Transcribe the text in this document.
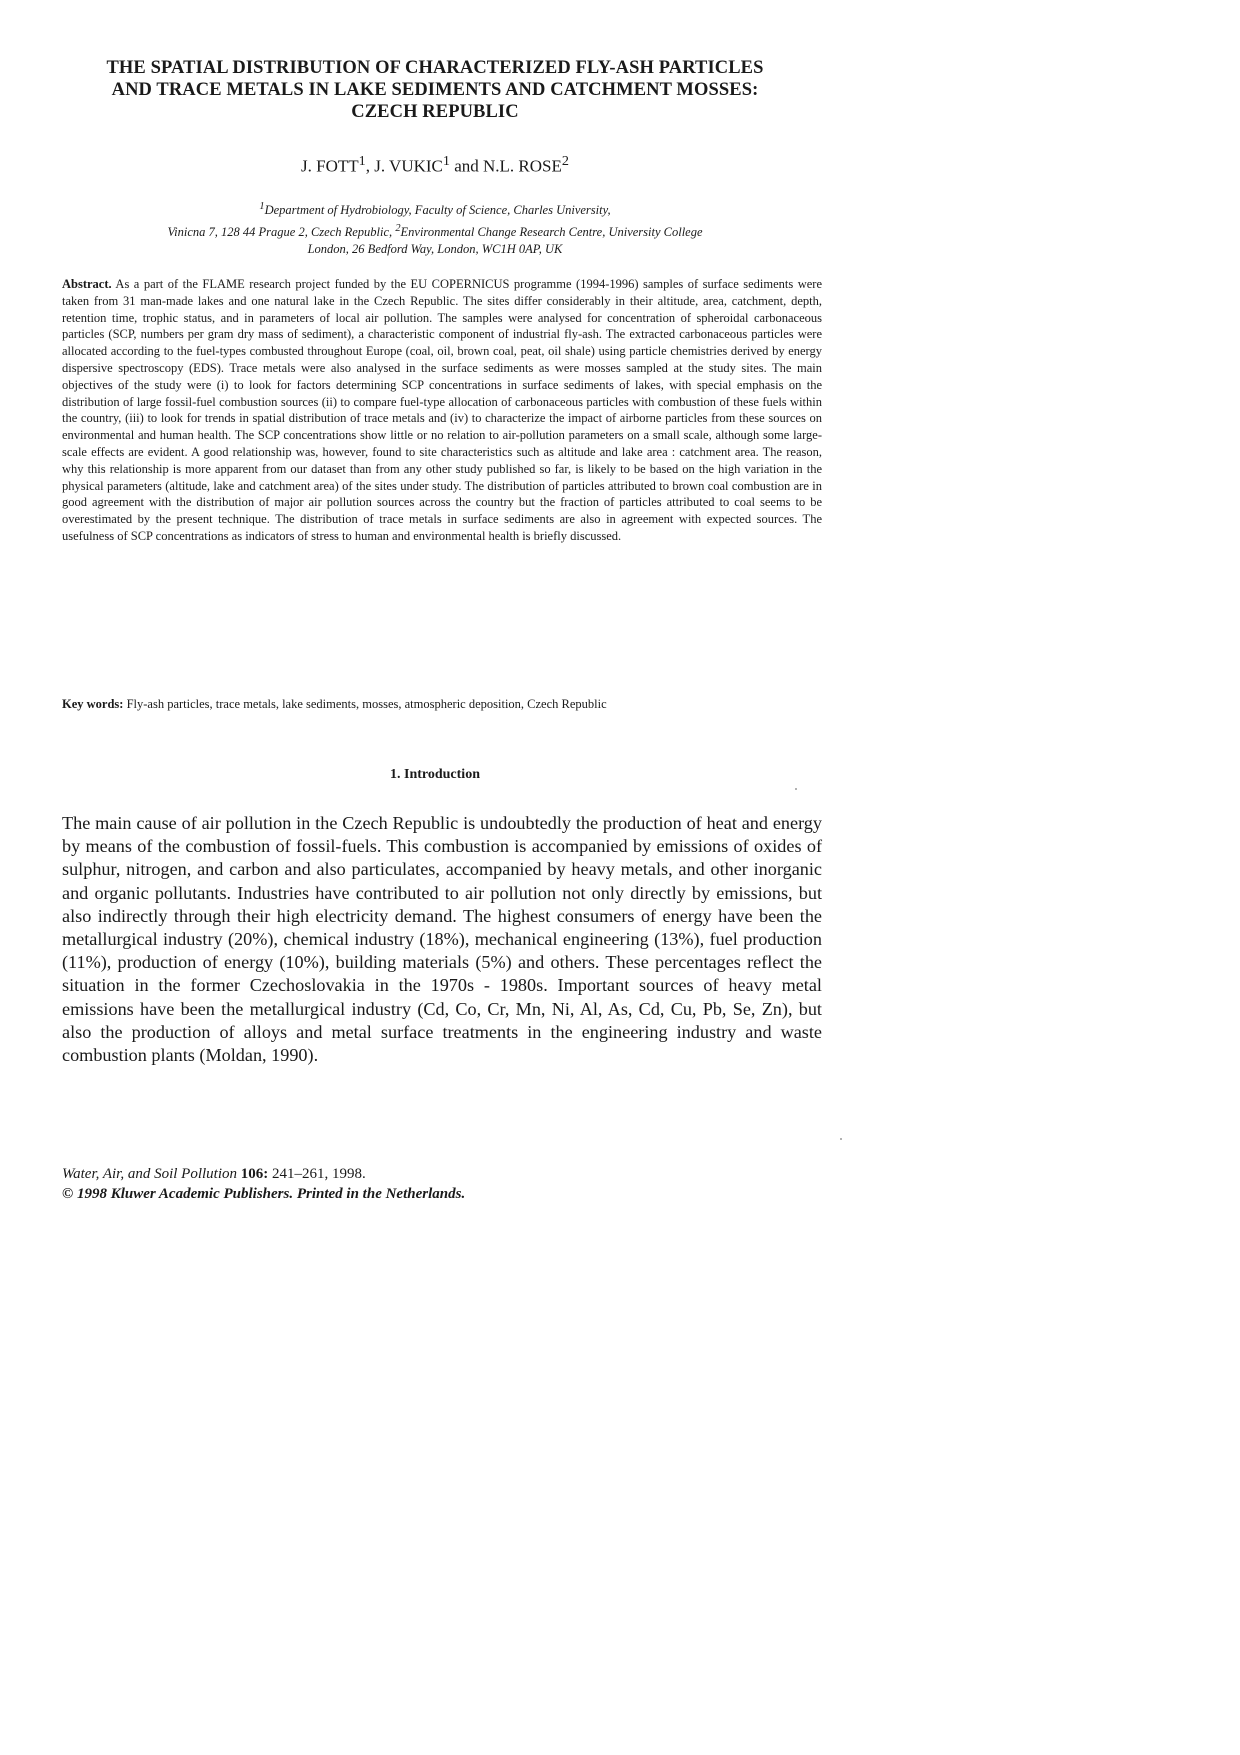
THE SPATIAL DISTRIBUTION OF CHARACTERIZED FLY-ASH PARTICLES
AND TRACE METALS IN LAKE SEDIMENTS AND CATCHMENT MOSSES:
CZECH REPUBLIC

J. FOTT$^1$, J. VUKIC$^1$ and N.L. ROSE$^2$

$^1$Department of Hydrobiology, Faculty of Science, Charles University,
Vinicna 7, 128 44 Prague 2, Czech Republic, $^2$Environmental Change Research Centre, University College
London, 26 Bedford Way, London, WC1H 0AP, UK

Abstract. As a part of the FLAME research project funded by the EU COPERNICUS programme (1994-1996) samples of surface sediments were taken from 31 man-made lakes and one natural lake in the Czech Republic. The sites differ considerably in their altitude, area, catchment, depth, retention time, trophic status, and in parameters of local air pollution. The samples were analysed for concentration of spheroidal carbonaceous particles (SCP, numbers per gram dry mass of sediment), a characteristic component of industrial fly-ash. The extracted carbonaceous particles were allocated according to the fuel-types combusted throughout Europe (coal, oil, brown coal, peat, oil shale) using particle chemistries derived by energy dispersive spectroscopy (EDS). Trace metals were also analysed in the surface sediments as were mosses sampled at the study sites. The main objectives of the study were (i) to look for factors determining SCP concentrations in surface sediments of lakes, with special emphasis on the distribution of large fossil-fuel combustion sources (ii) to compare fuel-type allocation of carbonaceous particles with combustion of these fuels within the country, (iii) to look for trends in spatial distribution of trace metals and (iv) to characterize the impact of airborne particles from these sources on environmental and human health. The SCP concentrations show little or no relation to air-pollution parameters on a small scale, although some large-scale effects are evident. A good relationship was, however, found to site characteristics such as altitude and lake area : catchment area. The reason, why this relationship is more apparent from our dataset than from any other study published so far, is likely to be based on the high variation in the physical parameters (altitude, lake and catchment area) of the sites under study. The distribution of particles attributed to brown coal combustion are in good agreement with the distribution of major air pollution sources across the country but the fraction of particles attributed to coal seems to be overestimated by the present technique. The distribution of trace metals in surface sediments are also in agreement with expected sources. The usefulness of SCP concentrations as indicators of stress to human and environmental health is briefly discussed.

Key words: Fly-ash particles, trace metals, lake sediments, mosses, atmospheric deposition, Czech Republic

1. Introduction

The main cause of air pollution in the Czech Republic is undoubtedly the production of heat and energy by means of the combustion of fossil-fuels. This combustion is accompanied by emissions of oxides of sulphur, nitrogen, and carbon and also particulates, accompanied by heavy metals, and other inorganic and organic pollutants. Industries have contributed to air pollution not only directly by emissions, but also indirectly through their high electricity demand. The highest consumers of energy have been the metallurgical industry (20%), chemical industry (18%), mechanical engineering (13%), fuel production (11%), production of energy (10%), building materials (5%) and others. These percentages reflect the situation in the former Czechoslovakia in the 1970s - 1980s. Important sources of heavy metal emissions have been the metallurgical industry (Cd, Co, Cr, Mn, Ni, Al, As, Cd, Cu, Pb, Se, Zn), but also the production of alloys and metal surface treatments in the engineering industry and waste combustion plants (Moldan, 1990).

Water, Air, and Soil Pollution 106: 241–261, 1998.
© 1998 Kluwer Academic Publishers. Printed in the Netherlands.
